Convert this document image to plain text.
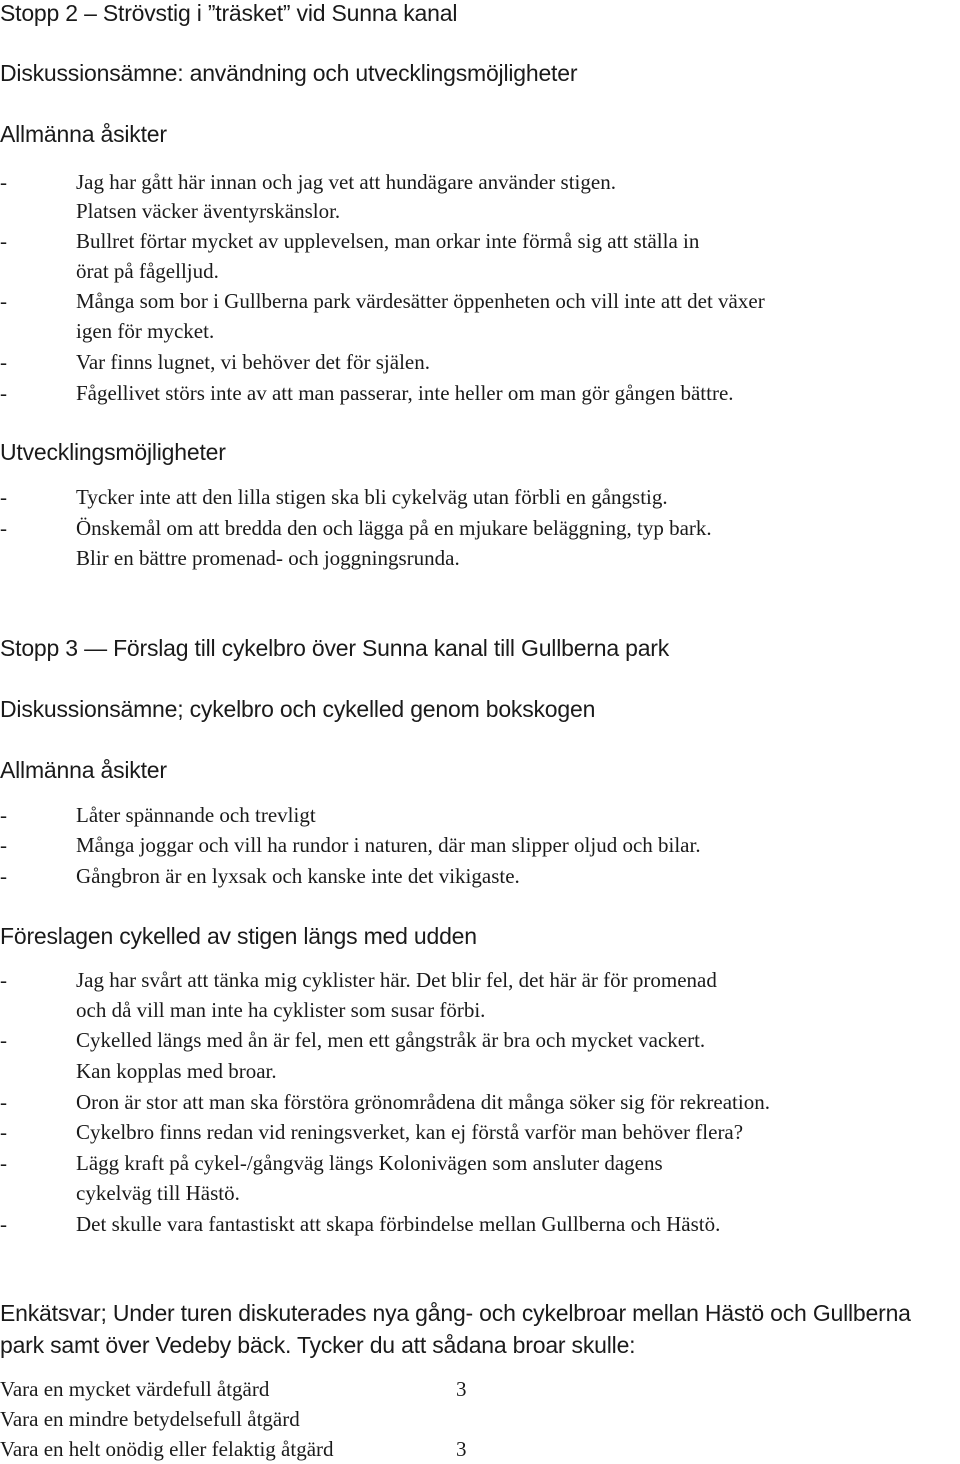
Stopp 2 – Strövstig i ”träsket” vid Sunna kanal
Diskussionsämne: användning och utvecklingsmöjligheter
Allmänna åsikter
-	Jag har gått här innan och jag vet att hundägare använder stigen.
Platsen väcker äventyrskänslor.
-	Bullret förtar mycket av upplevelsen, man orkar inte förmå sig att ställa in
örat på fågelljud.
-	Många som bor i Gullberna park värdesätter öppenheten och vill inte att det växer
igen för mycket.
-	Var finns lugnet, vi behöver det för själen.
-	Fågellivet störs inte av att man passerar, inte heller om man gör gången bättre.
Utvecklingsmöjligheter
-	Tycker inte att den lilla stigen ska bli cykelväg utan förbli en gångstig.
-	Önskemål om att bredda den och lägga på en mjukare beläggning, typ bark.
Blir en bättre promenad- och joggningsrunda.
Stopp 3 — Förslag till cykelbro över Sunna kanal till Gullberna park
Diskussionsämne; cykelbro och cykelled genom bokskogen
Allmänna åsikter
-	Låter spännande och trevligt
-	Många joggar och vill ha rundor i naturen, där man slipper oljud och bilar.
-	Gångbron är en lyxsak och kanske inte det vikigaste.
Föreslagen cykelled av stigen längs med udden
-	Jag har svårt att tänka mig cyklister här. Det blir fel, det här är för promenad
och då vill man inte ha cyklister som susar förbi.
-	Cykelled längs med ån är fel, men ett gångstråk är bra och mycket vackert.
Kan kopplas med broar.
-	Oron är stor att man ska förstöra grönområdena dit många söker sig för rekreation.
-	Cykelbro finns redan vid reningsverket, kan ej förstå varför man behöver flera?
-	Lägg kraft på cykel-/gångväg längs Kolonivägen som ansluter dagens
cykelväg till Hästö.
-	Det skulle vara fantastiskt att skapa förbindelse mellan Gullberna och Hästö.
Enkätsvar; Under turen diskuterades nya gång- och cykelbroar mellan Hästö och Gullberna
park samt över Vedeby bäck. Tycker du att sådana broar skulle:
Vara en mycket värdefull åtgärd	3
Vara en mindre betydelsefull åtgärd
Vara en helt onödig eller felaktig åtgärd	3
